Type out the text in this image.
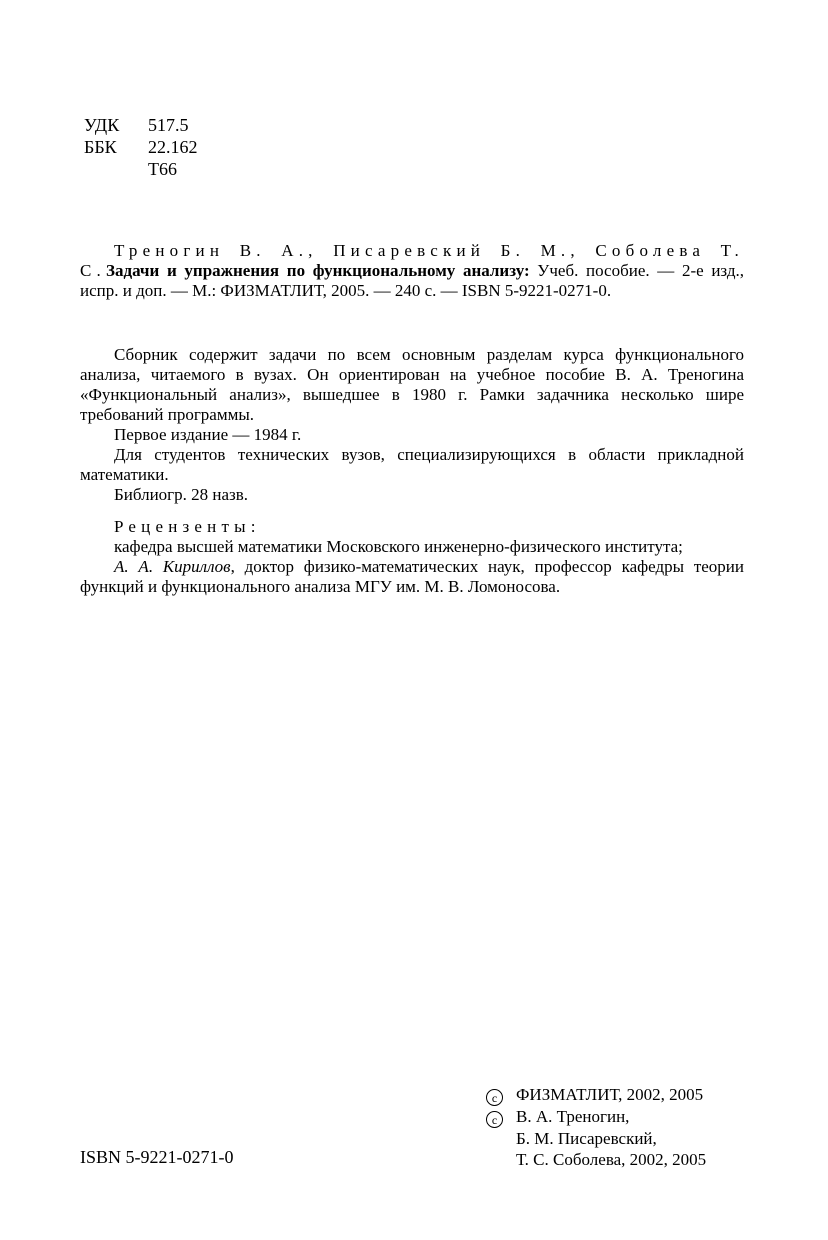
УДК	517.5
ББК	22.162
Т66
Треногин В. А., Писаревский Б. М., Соболева Т. С.Задачи и упражнения по функциональному анализу: Учеб. пособие. — 2-е изд., испр. и доп. — М.: ФИЗМАТЛИТ, 2005. — 240 с. — ISBN 5-9221-0271-0.
Сборник содержит задачи по всем основным разделам курса функционального анализа, читаемого в вузах. Он ориентирован на учебное пособие В. А. Треногина «Функциональный анализ», вышедшее в 1980 г. Рамки задачника несколько шире требований программы.
Первое издание — 1984 г.
Для студентов технических вузов, специализирующихся в области прикладной математики.
Библиогр. 28 назв.
Рецензенты:
кафедра высшей математики Московского инженерно-физического института;
А. А. Кириллов, доктор физико-математических наук, профессор кафедры теории функций и функционального анализа МГУ им. М. В. Ломоносова.
ISBN 5-9221-0271-0
c	ФИЗМАТЛИТ, 2002, 2005
c	В. А. Треногин,
Б. М. Писаревский,
Т. С. Соболева, 2002, 2005
